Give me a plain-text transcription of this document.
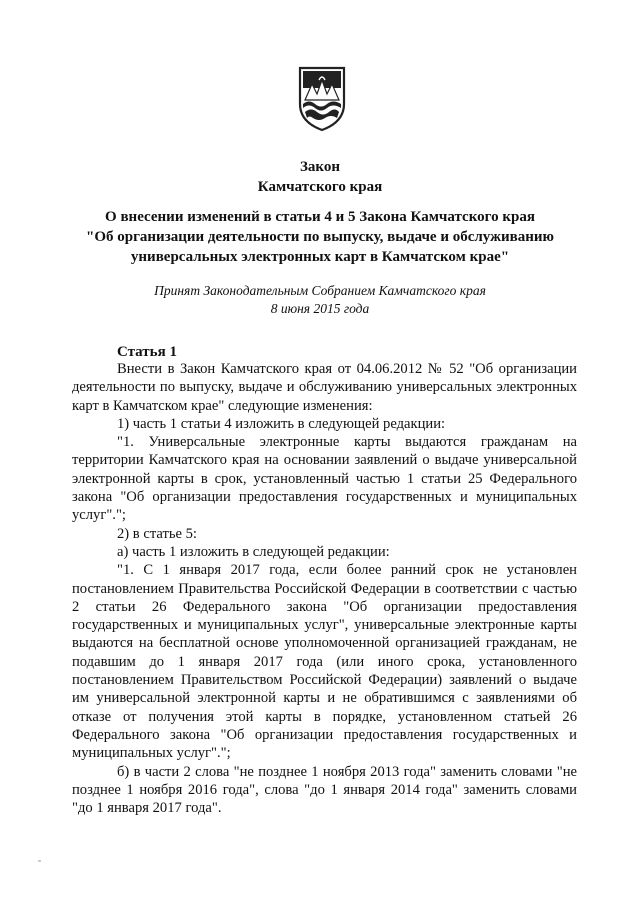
Закон
Камчатского края
О внесении изменений в статьи 4 и 5 Закона Камчатского края
"Об организации деятельности по выпуску, выдаче и обслуживанию
универсальных электронных карт в Камчатском крае"
Принят Законодательным Собранием Камчатского края
8 июня 2015 года
Статья 1

Внести в Закон Камчатского края от 04.06.2012 № 52 "Об организации деятельности по выпуску, выдаче и обслуживанию универсальных электронных карт в Камчатском крае" следующие изменения:

1) часть 1 статьи 4 изложить в следующей редакции:

"1. Универсальные электронные карты выдаются гражданам на территории Камчатского края на основании заявлений о выдаче универсальной электронной карты в срок, установленный частью 1 статьи 25 Федерального закона "Об организации предоставления государственных и муниципальных услуг".";

2) в статье 5:

а) часть 1 изложить в следующей редакции:

"1. С 1 января 2017 года, если более ранний срок не установлен постановлением Правительства Российской Федерации в соответствии с частью 2 статьи 26 Федерального закона "Об организации предоставления государственных и муниципальных услуг", универсальные электронные карты выдаются на бесплатной основе уполномоченной организацией гражданам, не подавшим до 1 января 2017 года (или иного срока, установленного постановлением Правительством Российской Федерации) заявлений о выдаче им универсальной электронной карты и не обратившимся с заявлениями об отказе от получения этой карты в порядке, установленном статьей 26 Федерального закона "Об организации предоставления государственных и муниципальных услуг".";

б) в части 2 слова "не позднее 1 ноября 2013 года" заменить словами "не позднее 1 ноября 2016 года", слова "до 1 января 2014 года" заменить словами "до 1 января 2017 года".
